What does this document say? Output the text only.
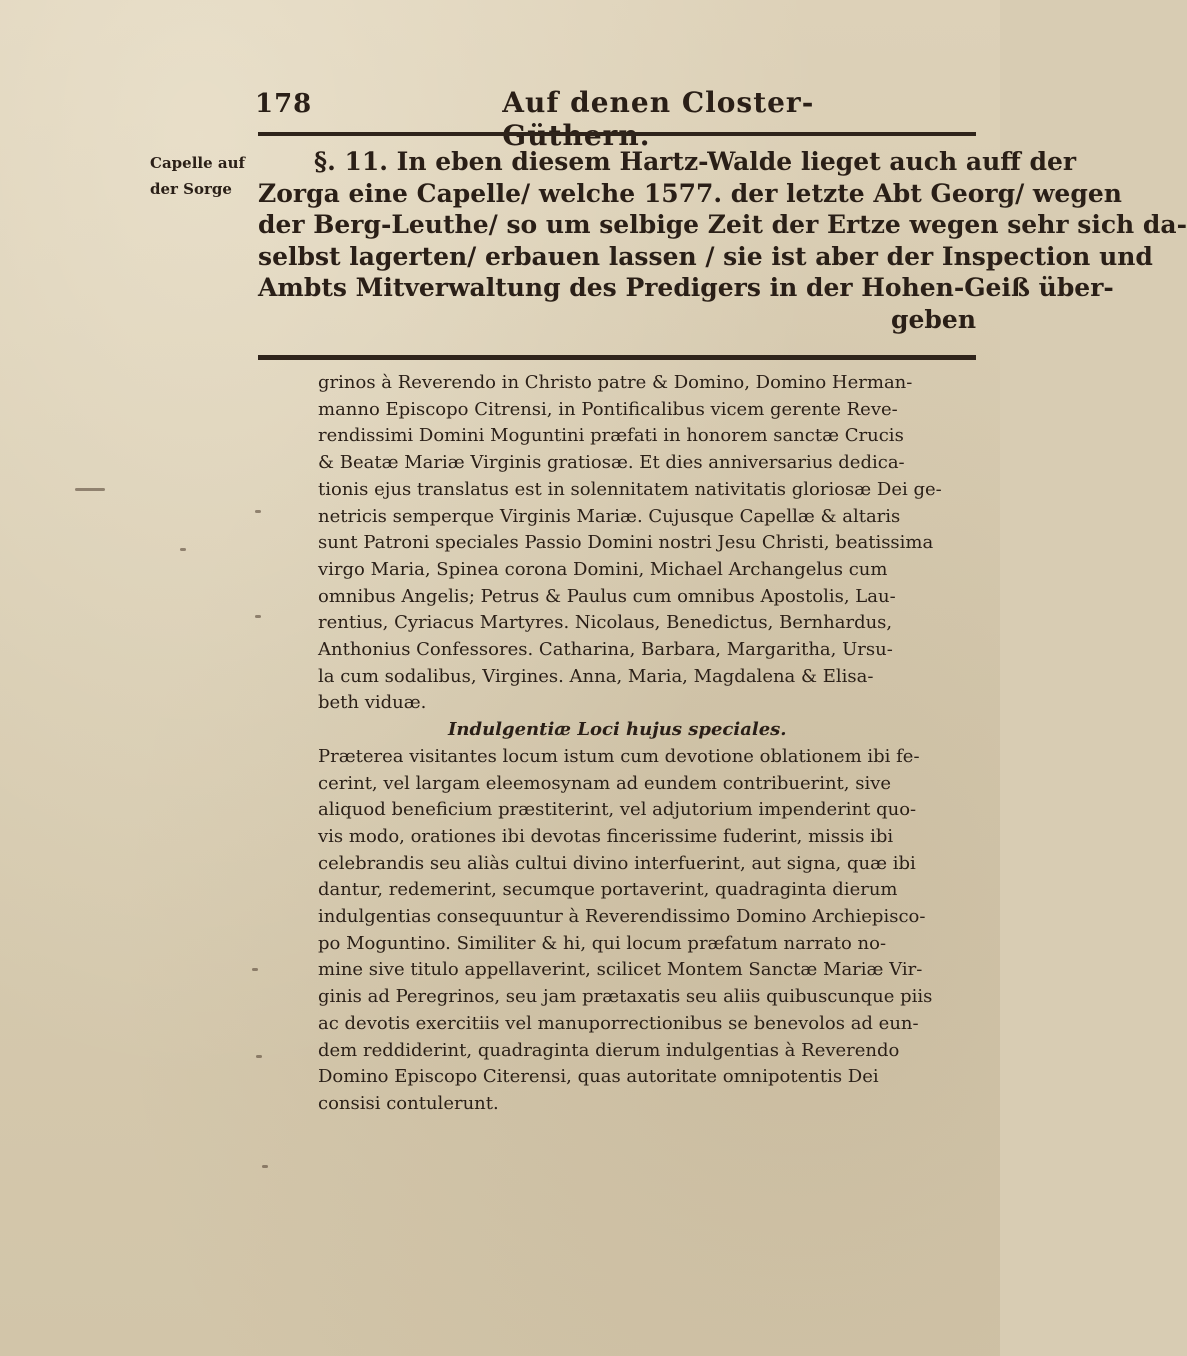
178	Auf denen Closter-Güthern.
Capelle auf
der Sorge
§. 11. In eben diesem Hartz-Walde lieget auch auff der
Zorga eine Capelle/ welche 1577. der letzte Abt Georg/ wegen
der Berg-Leuthe/ so um selbige Zeit der Ertze wegen sehr sich da-
selbst lagerten/ erbauen lassen / sie ist aber der Inspection und
Ambts Mitverwaltung des Predigers in der Hohen-Geiß über-
geben
grinos à Reverendo in Christo patre & Domino, Domino Herman-
manno Episcopo Citrensi, in Pontificalibus vicem gerente Reve-
rendissimi Domini Moguntini præfati in honorem sanctæ Crucis
& Beatæ Mariæ Virginis gratiosæ. Et dies anniversarius dedica-
tionis ejus translatus est in solennitatem nativitatis gloriosæ Dei ge-
netricis semperque Virginis Mariæ. Cujusque Capellæ & altaris
sunt Patroni speciales Passio Domini nostri Jesu Christi, beatissima
virgo Maria, Spinea corona Domini, Michael Archangelus cum
omnibus Angelis; Petrus & Paulus cum omnibus Apostolis, Lau-
rentius, Cyriacus Martyres. Nicolaus, Benedictus, Bernhardus,
Anthonius Confessores. Catharina, Barbara, Margaritha, Ursu-
la cum sodalibus, Virgines. Anna, Maria, Magdalena & Elisa-
beth viduæ.
Indulgentiæ Loci hujus speciales.
Præterea visitantes locum istum cum devotione oblationem ibi fe-
cerint, vel largam eleemosynam ad eundem contribuerint, sive
aliquod beneficium præstiterint, vel adjutorium impenderint quo-
vis modo, orationes ibi devotas fincerissime fuderint, missis ibi
celebrandis seu aliàs cultui divino interfuerint, aut signa, quæ ibi
dantur, redemerint, secumque portaverint, quadraginta dierum
indulgentias consequuntur à Reverendissimo Domino Archiepisco-
po Moguntino. Similiter & hi, qui locum præfatum narrato no-
mine sive titulo appellaverint, scilicet Montem Sanctæ Mariæ Vir-
ginis ad Peregrinos, seu jam prætaxatis seu aliis quibuscunque piis
ac devotis exercitiis vel manuporrectionibus se benevolos ad eun-
dem reddiderint, quadraginta dierum indulgentias à Reverendo
Domino Episcopo Citerensi, quas autoritate omnipotentis Dei
consisi contulerunt.
